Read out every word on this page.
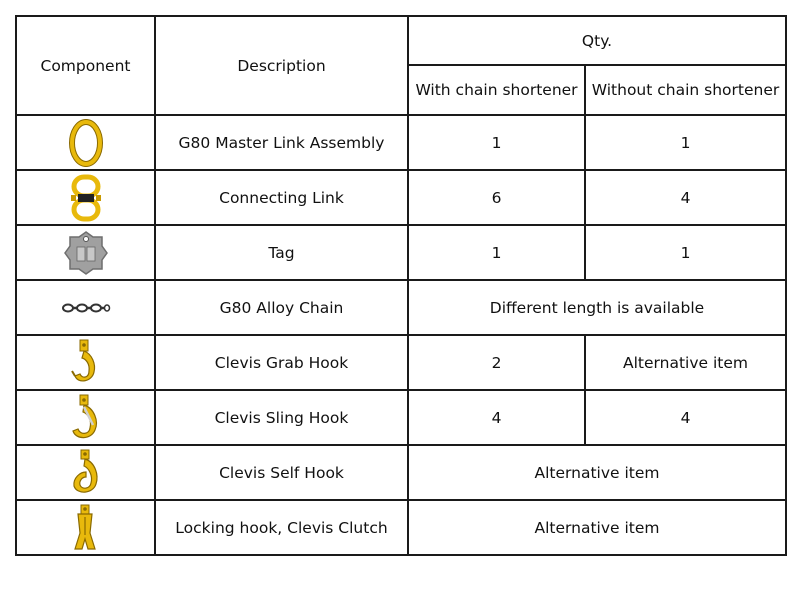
Component	Description	Qty.	
		With chain shortener	Without chain shortener

	G80 Master Link Assembly	1	1

	Connecting Link	6	4

	Tag	1	1

	G80 Alloy Chain	Different length is available	

	Clevis Grab Hook	2	Alternative item

	Clevis Sling Hook	4	4

	Clevis Self Hook	Alternative item	

	Locking hook, Clevis Clutch	Alternative item	
